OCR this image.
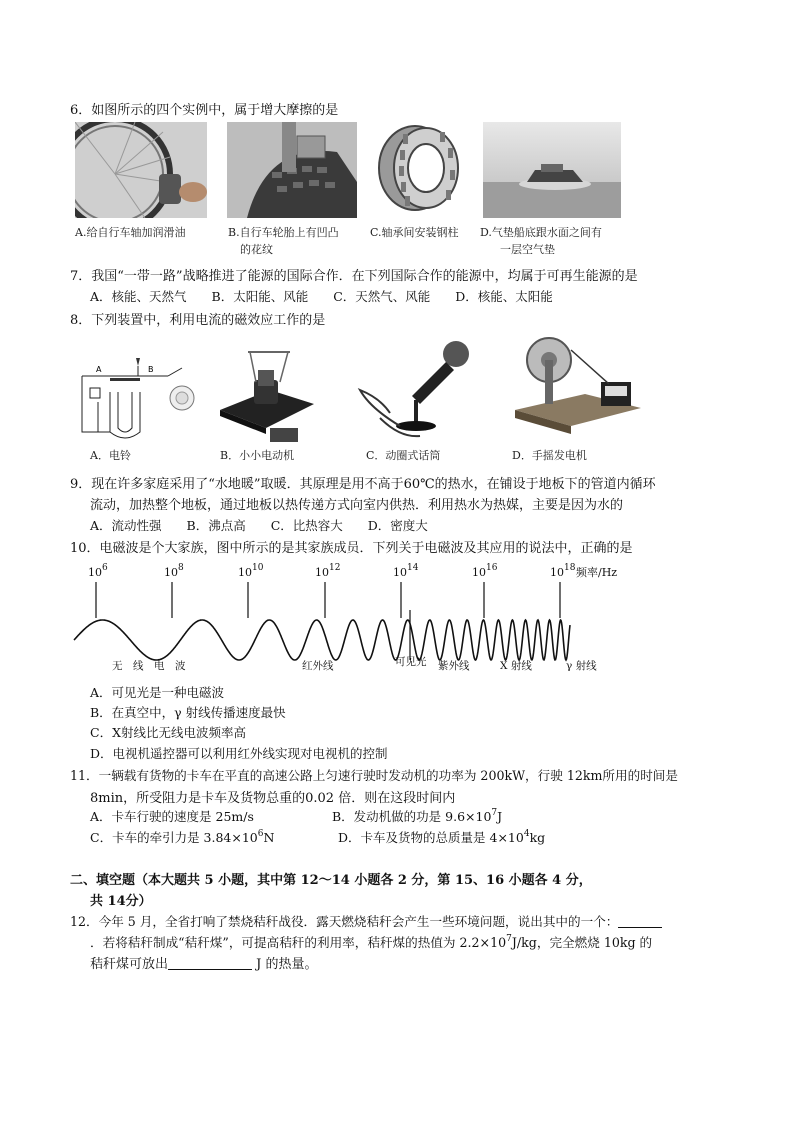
6．如图所示的四个实例中，属于增大摩擦的是
A.给自行车轴加润滑油	B.自行车轮胎上有凹凸
的花纹
C.轴承间安装钢柱 D.气垫船底跟水面之间有
一层空气垫
7．我国“一带一路”战略推进了能源的国际合作．在下列国际合作的能源中，均属于可再生能源的是
A．核能、天然气　　B．太阳能、风能　　C．天然气、风能　　D．核能、太阳能
8．下列装置中，利用电流的磁效应工作的是
A	B
A．电铃	B．小小电动机	C．动圈式话筒	D．手摇发电机
9．现在许多家庭采用了“水地暖”取暖．其原理是用不高于60℃的热水，在铺设于地板下的管道内循环
流动，加热整个地板，通过地板以热传递方式向室内供热．利用热水为热媒，主要是因为水的
A．流动性强　　B．沸点高　　C．比热容大　　D．密度大
10．电磁波是个大家族，图中所示的是其家族成员．下列关于电磁波及其应用的说法中，正确的是
$10^6$	$10^8$	$10^{10}$	$10^{12}$	$10^{14}$	$10^{16}$	$10^{18}$ 频率/Hz
无　线　电　波	红外线	可见光 紫外线	X 射线	γ 射线
A．可见光是一种电磁波
B．在真空中，γ 射线传播速度最快
C．X射线比无线电波频率高
D．电视机遥控器可以利用红外线实现对电视机的控制
11．一辆载有货物的卡车在平直的高速公路上匀速行驶时发动机的功率为 200kW，行驶 12km所用的时间是
8min，所受阻力是卡车及货物总重的0.02 倍．则在这段时间内
A．卡车行驶的速度是 25m/s	B．发动机做的功是 $9.6\times 10^7J$
C．卡车的牵引力是 $3.84\times 10^6N$	D．卡车及货物的总质量是 $4\times 10^4kg$
二、填空题（本大题共 5 小题，其中第 12～14 小题各 2 分，第 15、16 小题各 4 分，
共 14分）
12．今年 5 月，全省打响了禁烧秸秆战役．露天燃烧秸秆会产生一些环境问题，说出其中的一个：
．若将秸秆制成“秸秆煤”，可提高秸秆的利用率，秸秆煤的热值为 $2.2\times 10^7J/kg$，完全燃烧 10kg 的
秸秆煤可放出	J 的热量。
